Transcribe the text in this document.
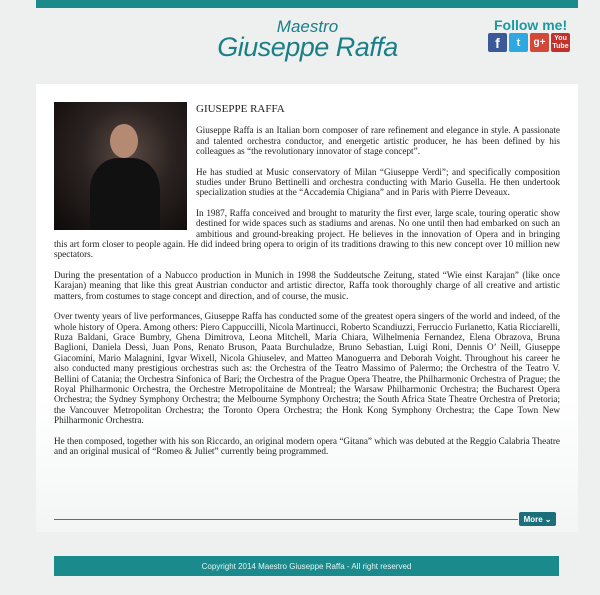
Maestro
Giuseppe Raffa
Follow me!
f	t	g+	You Tube
GIUSEPPE RAFFA

Giuseppe Raffa is an Italian born composer of rare refinement and elegance in style. A passionate and talented orchestra conductor, and energetic artistic producer, he has been defined by his colleagues as “the revolutionary innovator of stage concept”.

He has studied at Music conservatory of Milan “Giuseppe Verdi”; and specifically composition studies under Bruno Bettinelli and orchestra conducting with Mario Gusella. He then undertook specialization studies at the “Accademia Chigiana” and in Paris with Pierre Deveaux.

In 1987, Raffa conceived and brought to maturity the first ever, large scale, touring operatic show destined for wide spaces such as stadiums and arenas. No one until then had embarked on such an ambitious and ground-breaking project. He believes in the innovation of Opera and in bringing this art form closer to people again. He did indeed bring opera to origin of its traditions drawing to this new concept over 10 million new spectators.

During the presentation of a Nabucco production in Munich in 1998 the Suddeutsche Zeitung, stated “Wie einst Karajan” (like once Karajan) meaning that like this great Austrian conductor and artistic director, Raffa took thoroughly charge of all creative and artistic matters, from costumes to stage concept and direction, and of course, the music.

Over twenty years of live performances, Giuseppe Raffa has conducted some of the greatest opera singers of the world and indeed, of the whole history of Opera. Among others: Piero Cappuccilli, Nicola Martinucci, Roberto Scandiuzzi, Ferruccio Furlanetto, Katia Ricciarelli, Ruza Baldani, Grace Bumbry, Ghena Dimitrova, Leona Mitchell, Maria Chiara, Wilhelmenia Fernandez, Elena Obrazova, Bruna Baglioni, Daniela Dessì, Juan Pons, Renato Bruson, Paata Burchuladze, Bruno Sebastian, Luigi Roni, Dennis O’ Neill, Giuseppe Giacomini, Mario Malagnini, Igvar Wixell, Nicola Ghiuselev, and Matteo Manoguerra and Deborah Voight. Throughout his career he also conducted many prestigious orchestras such as: the Orchestra of the Teatro Massimo of Palermo; the Orchestra of the Teatro V. Bellini of Catania; the Orchestra Sinfonica of Bari; the Orchestra of the Prague Opera Theatre, the Philharmonic Orchestra of Prague; the Royal Philharmonic Orchestra, the Orchestre Metropolitaine de Montreal; the Warsaw Philharmonic Orchestra; the Bucharest Opera Orchestra; the Sydney Symphony Orchestra; the Melbourne Symphony Orchestra; the South Africa State Theatre Orchestra of Pretoria; the Vancouver Metropolitan Orchestra; the Toronto Opera Orchestra; the Honk Kong Symphony Orchestra; the Cape Town New Philharmonic Orchestra.

He then composed, together with his son Riccardo, an original modern opera “Gitana” which was debuted at the Reggio Calabria Theatre and an original musical of “Romeo & Juliet” currently being programmed.

More ⌄
Copyright 2014 Maestro Giuseppe Raffa - All right reserved
